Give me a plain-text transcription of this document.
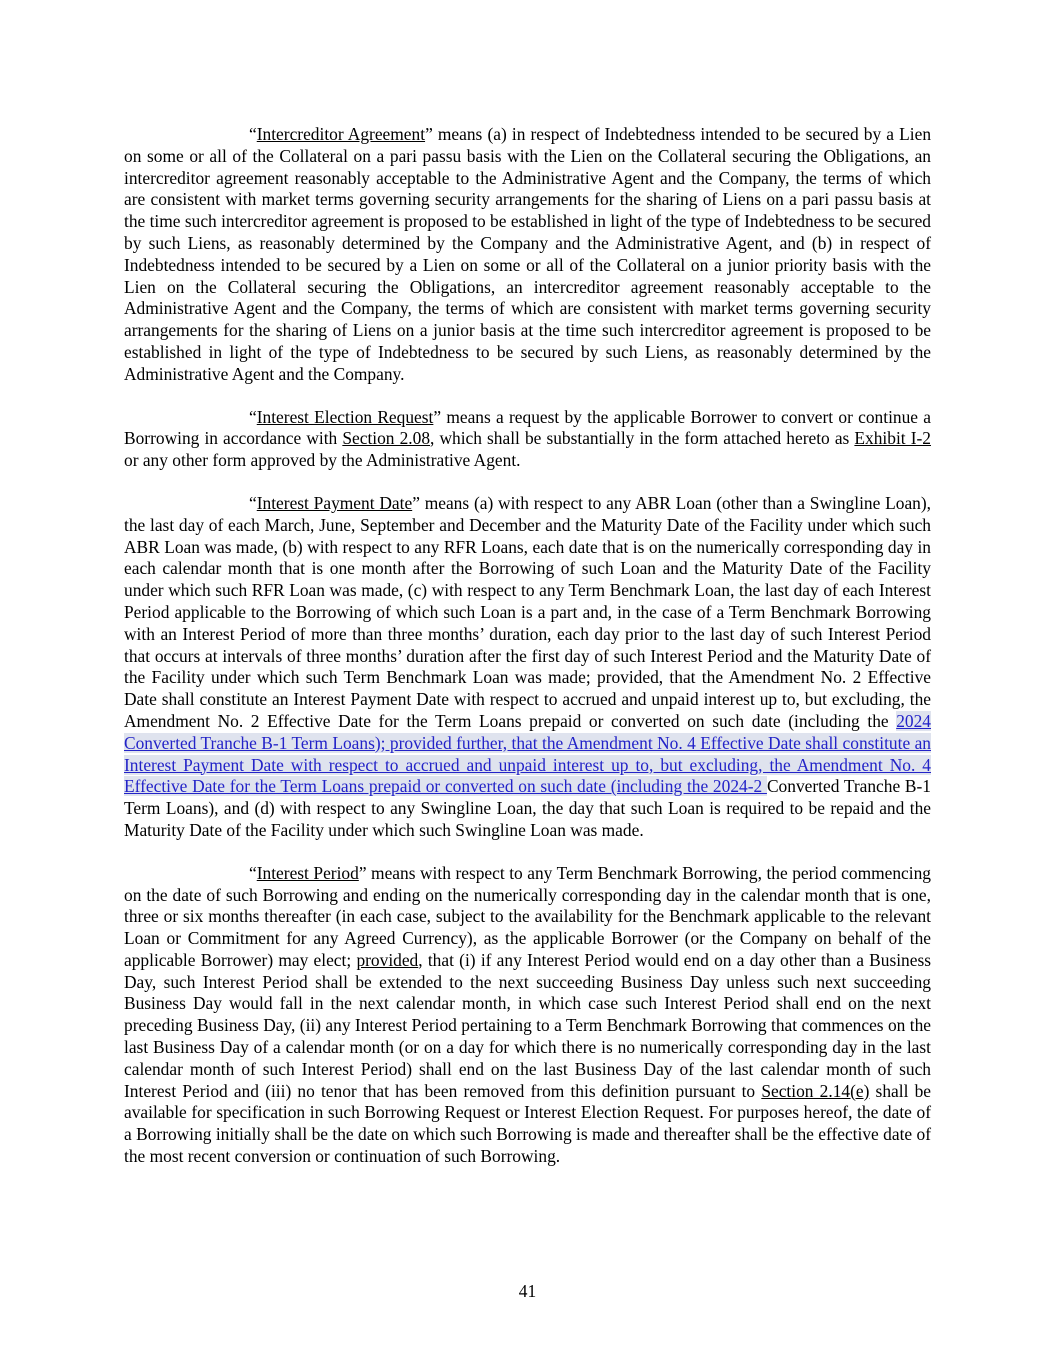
“Intercreditor Agreement” means (a) in respect of Indebtedness intended to be secured by a Lien on some or all of the Collateral on a pari passu basis with the Lien on the Collateral securing the Obligations, an intercreditor agreement reasonably acceptable to the Administrative Agent and the Company, the terms of which are consistent with market terms governing security arrangements for the sharing of Liens on a pari passu basis at the time such intercreditor agreement is proposed to be established in light of the type of Indebtedness to be secured by such Liens, as reasonably determined by the Company and the Administrative Agent, and (b) in respect of Indebtedness intended to be secured by a Lien on some or all of the Collateral on a junior priority basis with the Lien on the Collateral securing the Obligations, an intercreditor agreement reasonably acceptable to the Administrative Agent and the Company, the terms of which are consistent with market terms governing security arrangements for the sharing of Liens on a junior basis at the time such intercreditor agreement is proposed to be established in light of the type of Indebtedness to be secured by such Liens, as reasonably determined by the Administrative Agent and the Company.

“Interest Election Request” means a request by the applicable Borrower to convert or continue a Borrowing in accordance with Section 2.08, which shall be substantially in the form attached hereto as Exhibit I-2 or any other form approved by the Administrative Agent.

“Interest Payment Date” means (a) with respect to any ABR Loan (other than a Swingline Loan), the last day of each March, June, September and December and the Maturity Date of the Facility under which such ABR Loan was made, (b) with respect to any RFR Loans, each date that is on the numerically corresponding day in each calendar month that is one month after the Borrowing of such Loan and the Maturity Date of the Facility under which such RFR Loan was made, (c) with respect to any Term Benchmark Loan, the last day of each Interest Period applicable to the Borrowing of which such Loan is a part and, in the case of a Term Benchmark Borrowing with an Interest Period of more than three months’ duration, each day prior to the last day of such Interest Period that occurs at intervals of three months’ duration after the first day of such Interest Period and the Maturity Date of the Facility under which such Term Benchmark Loan was made; provided, that the Amendment No. 2 Effective Date shall constitute an Interest Payment Date with respect to accrued and unpaid interest up to, but excluding, the Amendment No. 2 Effective Date for the Term Loans prepaid or converted on such date (including the 2024 Converted Tranche B-1 Term Loans); provided further, that the Amendment No. 4 Effective Date shall constitute an Interest Payment Date with respect to accrued and unpaid interest up to, but excluding, the Amendment No. 4 Effective Date for the Term Loans prepaid or converted on such date (including the 2024-2 Converted Tranche B-1 Term Loans), and (d) with respect to any Swingline Loan, the day that such Loan is required to be repaid and the Maturity Date of the Facility under which such Swingline Loan was made.

“Interest Period” means with respect to any Term Benchmark Borrowing, the period commencing on the date of such Borrowing and ending on the numerically corresponding day in the calendar month that is one, three or six months thereafter (in each case, subject to the availability for the Benchmark applicable to the relevant Loan or Commitment for any Agreed Currency), as the applicable Borrower (or the Company on behalf of the applicable Borrower) may elect; provided, that (i) if any Interest Period would end on a day other than a Business Day, such Interest Period shall be extended to the next succeeding Business Day unless such next succeeding Business Day would fall in the next calendar month, in which case such Interest Period shall end on the next preceding Business Day, (ii) any Interest Period pertaining to a Term Benchmark Borrowing that commences on the last Business Day of a calendar month (or on a day for which there is no numerically corresponding day in the last calendar month of such Interest Period) shall end on the last Business Day of the last calendar month of such Interest Period and (iii) no tenor that has been removed from this definition pursuant to Section 2.14(e) shall be available for specification in such Borrowing Request or Interest Election Request. For purposes hereof, the date of a Borrowing initially shall be the date on which such Borrowing is made and thereafter shall be the effective date of the most recent conversion or continuation of such Borrowing.

41
